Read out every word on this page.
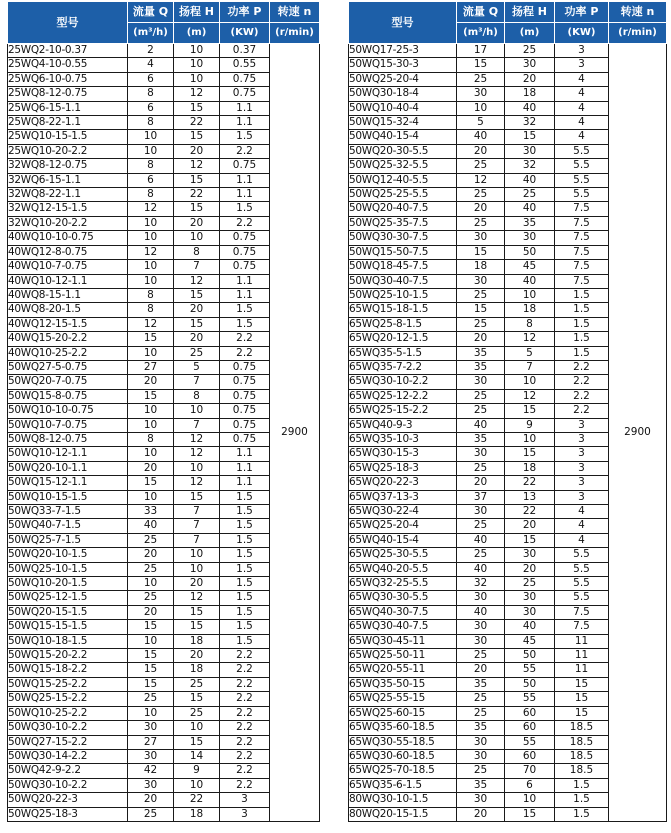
型号	流量 Q	扬程 H	功率 P	转速 n
	(m³/h)	(m)	(KW)	(r/min)
25WQ2-10-0.37	2	10	0.37	2900
25WQ4-10-0.55	4	10	0.55	
25WQ6-10-0.75	6	10	0.75	
25WQ8-12-0.75	8	12	0.75	
25WQ6-15-1.1	6	15	1.1	
25WQ8-22-1.1	8	22	1.1	
25WQ10-15-1.5	10	15	1.5	
25WQ10-20-2.2	10	20	2.2	
32WQ8-12-0.75	8	12	0.75	
32WQ6-15-1.1	6	15	1.1	
32WQ8-22-1.1	8	22	1.1	
32WQ12-15-1.5	12	15	1.5	
32WQ10-20-2.2	10	20	2.2	
40WQ10-10-0.75	10	10	0.75	
40WQ12-8-0.75	12	8	0.75	
40WQ10-7-0.75	10	7	0.75	
40WQ10-12-1.1	10	12	1.1	
40WQ8-15-1.1	8	15	1.1	
40WQ8-20-1.5	8	20	1.5	
40WQ12-15-1.5	12	15	1.5	
40WQ15-20-2.2	15	20	2.2	
40WQ10-25-2.2	10	25	2.2	
50WQ27-5-0.75	27	5	0.75	
50WQ20-7-0.75	20	7	0.75	
50WQ15-8-0.75	15	8	0.75	
50WQ10-10-0.75	10	10	0.75	
50WQ10-7-0.75	10	7	0.75	
50WQ8-12-0.75	8	12	0.75	
50WQ10-12-1.1	10	12	1.1	
50WQ20-10-1.1	20	10	1.1	
50WQ15-12-1.1	15	12	1.1	
50WQ10-15-1.5	10	15	1.5	
50WQ33-7-1.5	33	7	1.5	
50WQ40-7-1.5	40	7	1.5	
50WQ25-7-1.5	25	7	1.5	
50WQ20-10-1.5	20	10	1.5	
50WQ25-10-1.5	25	10	1.5	
50WQ10-20-1.5	10	20	1.5	
50WQ25-12-1.5	25	12	1.5	
50WQ20-15-1.5	20	15	1.5	
50WQ15-15-1.5	15	15	1.5	
50WQ10-18-1.5	10	18	1.5	
50WQ15-20-2.2	15	20	2.2	
50WQ15-18-2.2	15	18	2.2	
50WQ15-25-2.2	15	25	2.2	
50WQ25-15-2.2	25	15	2.2	
50WQ10-25-2.2	10	25	2.2	
50WQ30-10-2.2	30	10	2.2	
50WQ27-15-2.2	27	15	2.2	
50WQ30-14-2.2	30	14	2.2	
50WQ42-9-2.2	42	9	2.2	
50WQ30-10-2.2	30	10	2.2	
50WQ20-22-3	20	22	3	
50WQ25-18-3	25	18	3	
型号	流量 Q	扬程 H	功率 P	转速 n
	(m³/h)	(m)	(KW)	(r/min)
50WQ17-25-3	17	25	3	2900
50WQ15-30-3	15	30	3	
50WQ25-20-4	25	20	4	
50WQ30-18-4	30	18	4	
50WQ10-40-4	10	40	4	
50WQ15-32-4	5	32	4	
50WQ40-15-4	40	15	4	
50WQ20-30-5.5	20	30	5.5	
50WQ25-32-5.5	25	32	5.5	
50WQ12-40-5.5	12	40	5.5	
50WQ25-25-5.5	25	25	5.5	
50WQ20-40-7.5	20	40	7.5	
50WQ25-35-7.5	25	35	7.5	
50WQ30-30-7.5	30	30	7.5	
50WQ15-50-7.5	15	50	7.5	
50WQ18-45-7.5	18	45	7.5	
50WQ30-40-7.5	30	40	7.5	
50WQ25-10-1.5	25	10	1.5	
65WQ15-18-1.5	15	18	1.5	
65WQ25-8-1.5	25	8	1.5	
65WQ20-12-1.5	20	12	1.5	
65WQ35-5-1.5	35	5	1.5	
65WQ35-7-2.2	35	7	2.2	
65WQ30-10-2.2	30	10	2.2	
65WQ25-12-2.2	25	12	2.2	
65WQ25-15-2.2	25	15	2.2	
65WQ40-9-3	40	9	3	
65WQ35-10-3	35	10	3	
65WQ30-15-3	30	15	3	
65WQ25-18-3	25	18	3	
65WQ20-22-3	20	22	3	
65WQ37-13-3	37	13	3	
65WQ30-22-4	30	22	4	
65WQ25-20-4	25	20	4	
65WQ40-15-4	40	15	4	
65WQ25-30-5.5	25	30	5.5	
65WQ40-20-5.5	40	20	5.5	
65WQ32-25-5.5	32	25	5.5	
65WQ30-30-5.5	30	30	5.5	
65WQ40-30-7.5	40	30	7.5	
65WQ30-40-7.5	30	40	7.5	
65WQ30-45-11	30	45	11	
65WQ25-50-11	25	50	11	
65WQ20-55-11	20	55	11	
65WQ35-50-15	35	50	15	
65WQ25-55-15	25	55	15	
65WQ25-60-15	25	60	15	
65WQ35-60-18.5	35	60	18.5	
65WQ30-55-18.5	30	55	18.5	
65WQ30-60-18.5	30	60	18.5	
65WQ25-70-18.5	25	70	18.5	
65WQ35-6-1.5	35	6	1.5	
80WQ30-10-1.5	30	10	1.5	
80WQ20-15-1.5	20	15	1.5	
